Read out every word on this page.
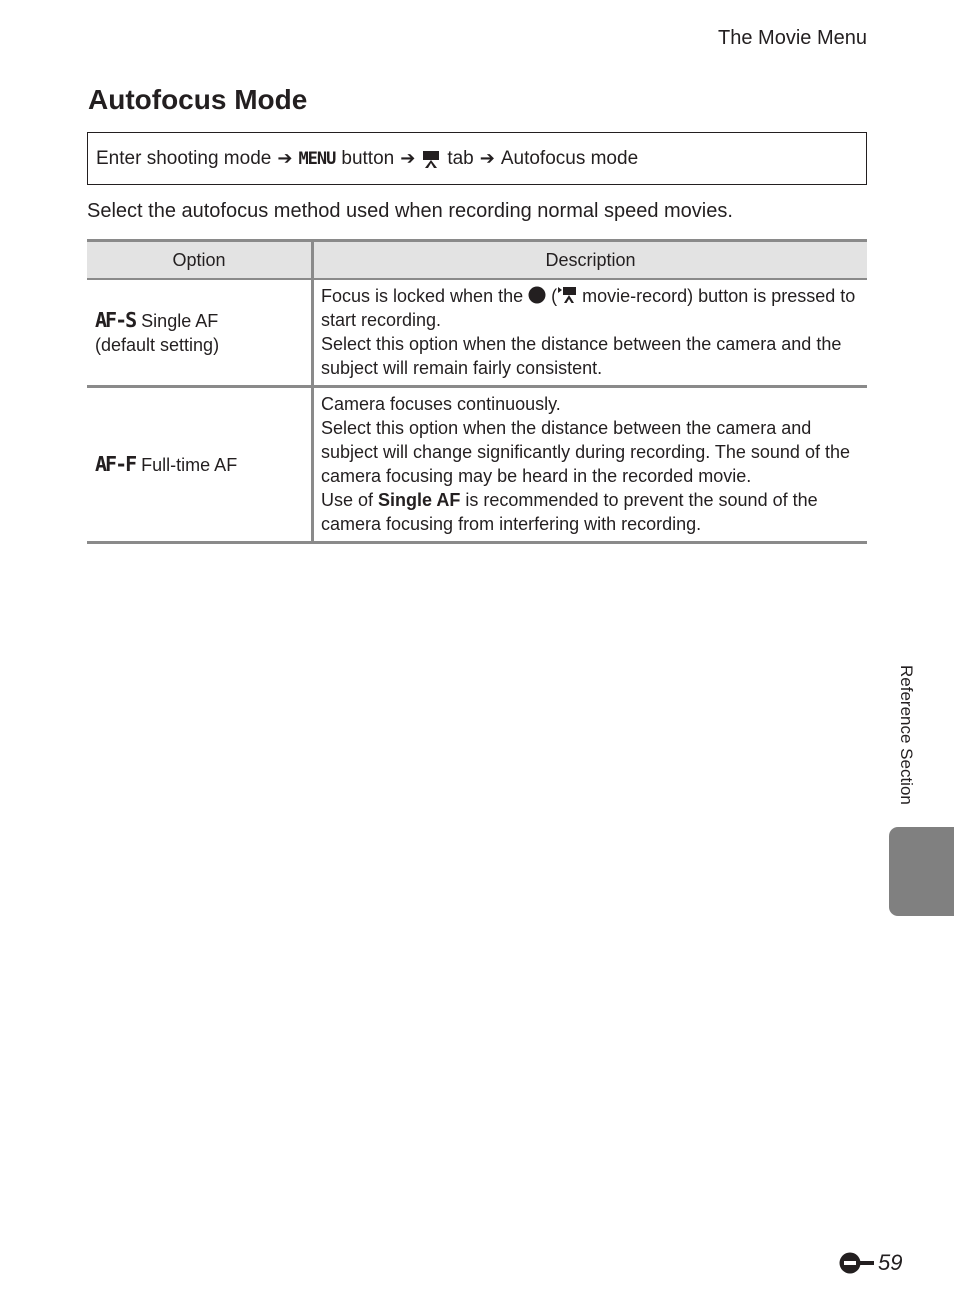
The Movie Menu
Autofocus Mode
Enter shooting mode ➔ MENU button ➔ tab ➔ Autofocus mode

Select the autofocus method used when recording normal speed movies.

Option	Description
AF-S Single AF
(default setting)	Focus is locked when the  ( movie-record) button is pressed to start recording.
Select this option when the distance between the camera and the subject will remain fairly consistent.

AF-F Full-time AF	Camera focuses continuously.
Select this option when the distance between the camera and subject will change significantly during recording. The sound of the camera focusing may be heard in the recorded movie.
Use of Single AF is recommended to prevent the sound of the camera focusing from interfering with recording.
Reference Section
59
